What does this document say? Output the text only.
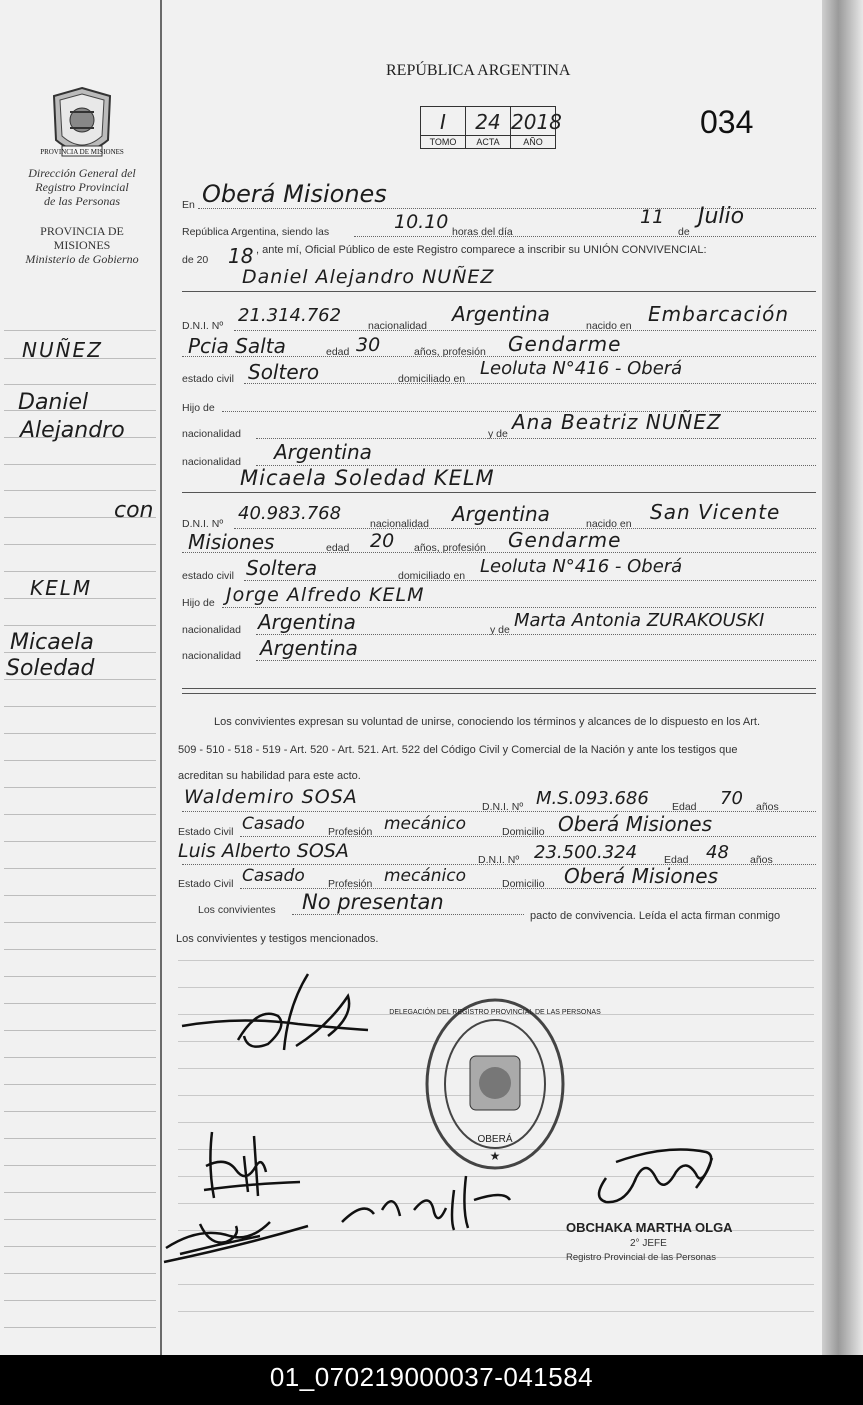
PROVINCIA DE MISIONES
Dirección General del
Registro Provincial
de las Personas
PROVINCIA DE
MISIONES
Ministerio de Gobierno
NUÑEZ
Daniel
Alejandro
con
KELM
Micaela
Soledad
REPÚBLICA ARGENTINA
I
TOMO
24
ACTA
2018
AÑO
034
En Oberá Misiones
República Argentina, siendo las	10.10 horas del día
11
de
Julio
de 20 18 , ante mí, Oficial Público de este Registro comparece a inscribir su UNIÓN CONVIVENCIAL:
Daniel Alejandro NUÑEZ
D.N.I. Nº 21.314.762	nacionalidad Argentina	nacido en Embarcación
Pcia Salta	edad 30	años, profesión Gendarme
estado civil Soltero	domiciliado en Leoluta N°416 - Oberá
Hijo de
nacionalidad	y de Ana Beatriz NUÑEZ
nacionalidad Argentina
Micaela Soledad KELM
D.N.I. Nº 40.983.768	nacionalidad Argentina	nacido en San Vicente
Misiones	edad 20 años, profesión Gendarme
estado civil Soltera	domiciliado en Leoluta N°416 - Oberá
Hijo de Jorge Alfredo KELM
nacionalidad Argentina	y de Marta Antonia ZURAKOUSKI
nacionalidad Argentina
Los convivientes expresan su voluntad de unirse, conociendo los términos y alcances de lo dispuesto en los Art.
509 - 510 - 518 - 519 - Art. 520 - Art. 521. Art. 522 del Código Civil y Comercial de la Nación y ante los testigos que
acreditan su habilidad para este acto.
Waldemiro SOSA	D.N.I. Nº M.S.093.686 Edad 70 años
Estado Civil Casado Profesión mecánico	Domicilio Oberá Misiones
Luis Alberto SOSA	D.N.I. Nº 23.500.324	Edad 48 años
Estado Civil Casado Profesión mecánico	Domicilio Oberá Misiones
Los convivientes No presentan
pacto de convivencia. Leída el acta firman conmigo
Los convivientes y testigos mencionados.
OBERÁ
★
DELEGACIÓN DEL REGISTRO PROVINCIAL DE LAS PERSONAS
OBCHAKA MARTHA OLGA
2° JEFE
Registro Provincial de las Personas
01_070219000037-041584
